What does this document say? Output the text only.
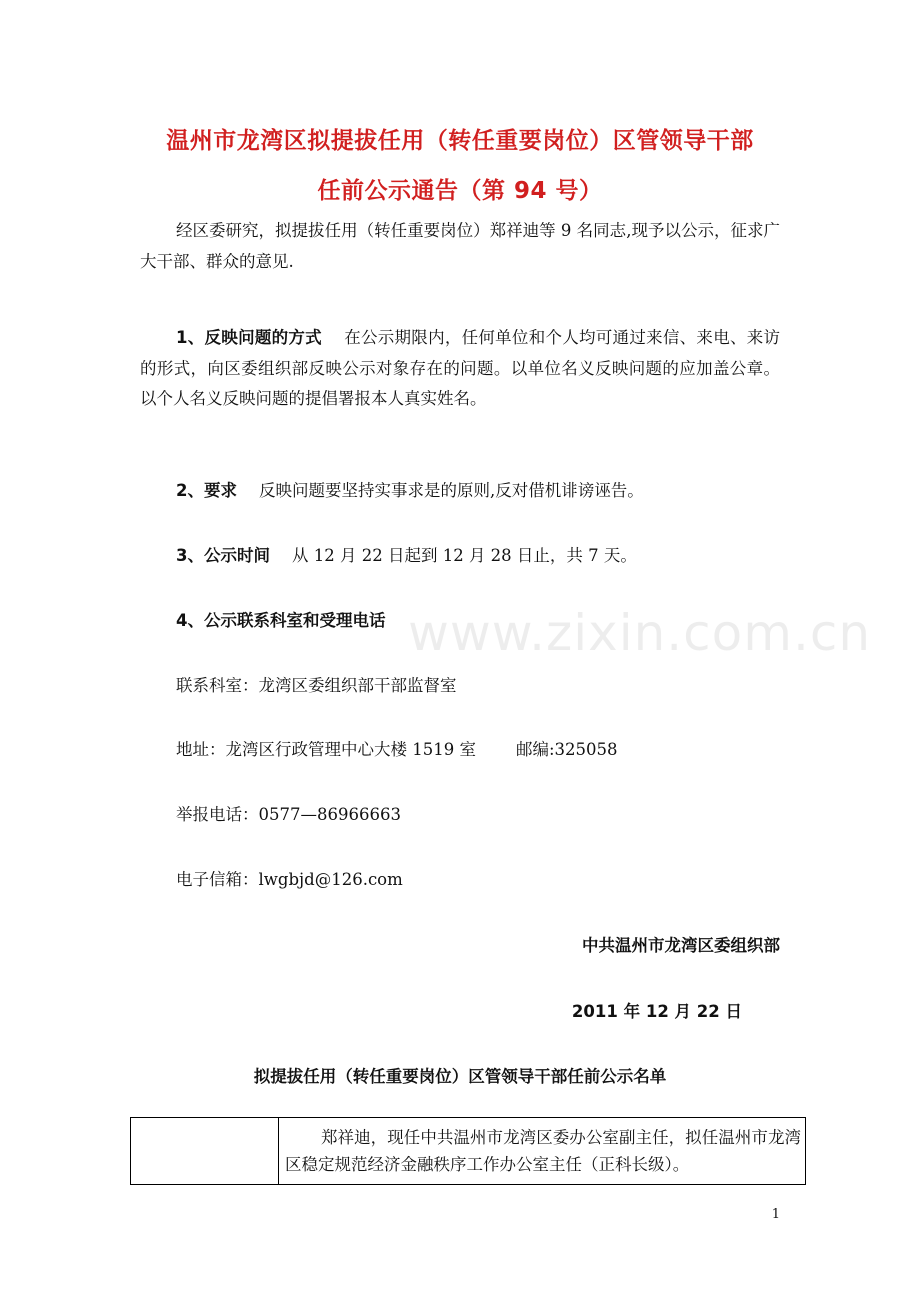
温州市龙湾区拟提拔任用（转任重要岗位）区管领导干部
任前公示通告（第 94 号）
经区委研究，拟提拔任用（转任重要岗位）郑祥迪等 9 名同志,现予以公示，征求广大干部、群众的意见.
1、反映问题的方式 在公示期限内，任何单位和个人均可通过来信、来电、来访的形式，向区委组织部反映公示对象存在的问题。以单位名义反映问题的应加盖公章。以个人名义反映问题的提倡署报本人真实姓名。
2、要求 反映问题要坚持实事求是的原则,反对借机诽谤诬告。
3、公示时间 从 12 月 22 日起到 12 月 28 日止，共 7 天。
4、公示联系科室和受理电话
联系科室：龙湾区委组织部干部监督室
地址：龙湾区行政管理中心大楼 1519 室 邮编:325058
举报电话：0577—86966663
电子信箱：lwgbjd@126.com
中共温州市龙湾区委组织部
2011 年 12 月 22 日
拟提拔任用（转任重要岗位）区管领导干部任前公示名单
郑祥迪，现任中共温州市龙湾区委办公室副主任，拟任温州市龙湾区稳定规范经济金融秩序工作办公室主任（正科长级）。
www.zixin.com.cn
1
